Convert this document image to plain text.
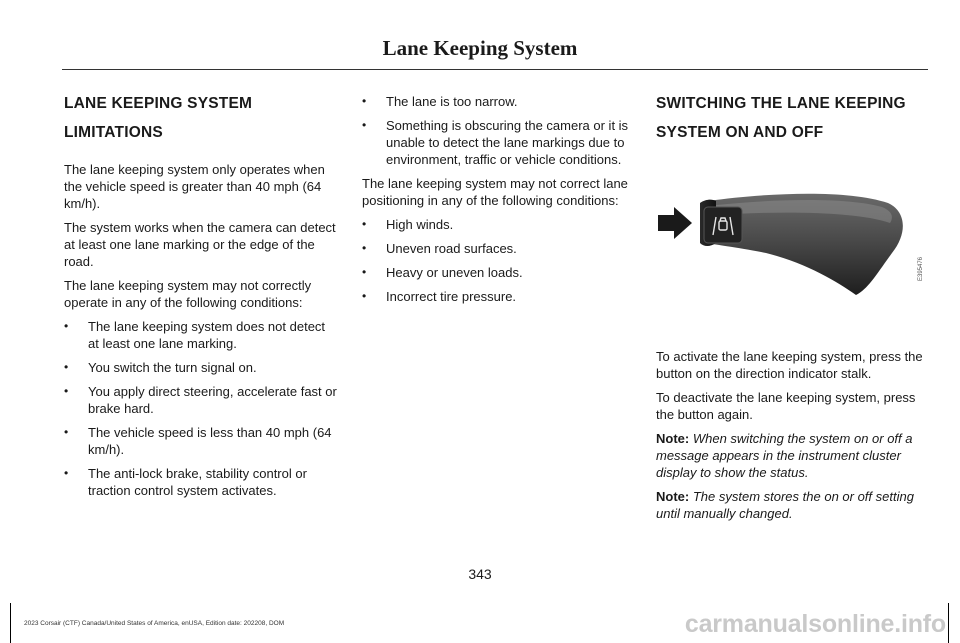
Lane Keeping System
LANE KEEPING SYSTEM
LIMITATIONS

The lane keeping system only operates when the vehicle speed is greater than 40 mph (64 km/h).

The system works when the camera can detect at least one lane marking or the edge of the road.

The lane keeping system may not correctly operate in any of the following conditions:

• The lane keeping system does not detect at least one lane marking.
• You switch the turn signal on.
• You apply direct steering, accelerate fast or brake hard.
• The vehicle speed is less than 40 mph (64 km/h).
• The anti-lock brake, stability control or traction control system activates.
• The lane is too narrow.
• Something is obscuring the camera or it is unable to detect the lane markings due to environment, traffic or vehicle conditions.

The lane keeping system may not correct lane positioning in any of the following conditions:

• High winds.
• Uneven road surfaces.
• Heavy or uneven loads.
• Incorrect tire pressure.
SWITCHING THE LANE KEEPING
SYSTEM ON AND OFF
E395476

To activate the lane keeping system, press the button on the direction indicator stalk.

To deactivate the lane keeping system, press the button again.

Note: When switching the system on or off a message appears in the instrument cluster display to show the status.

Note: The system stores the on or off setting until manually changed.

343
2023 Corsair (CTF) Canada/United States of America, enUSA, Edition date: 202208, DOM	carmanualsonline.info
